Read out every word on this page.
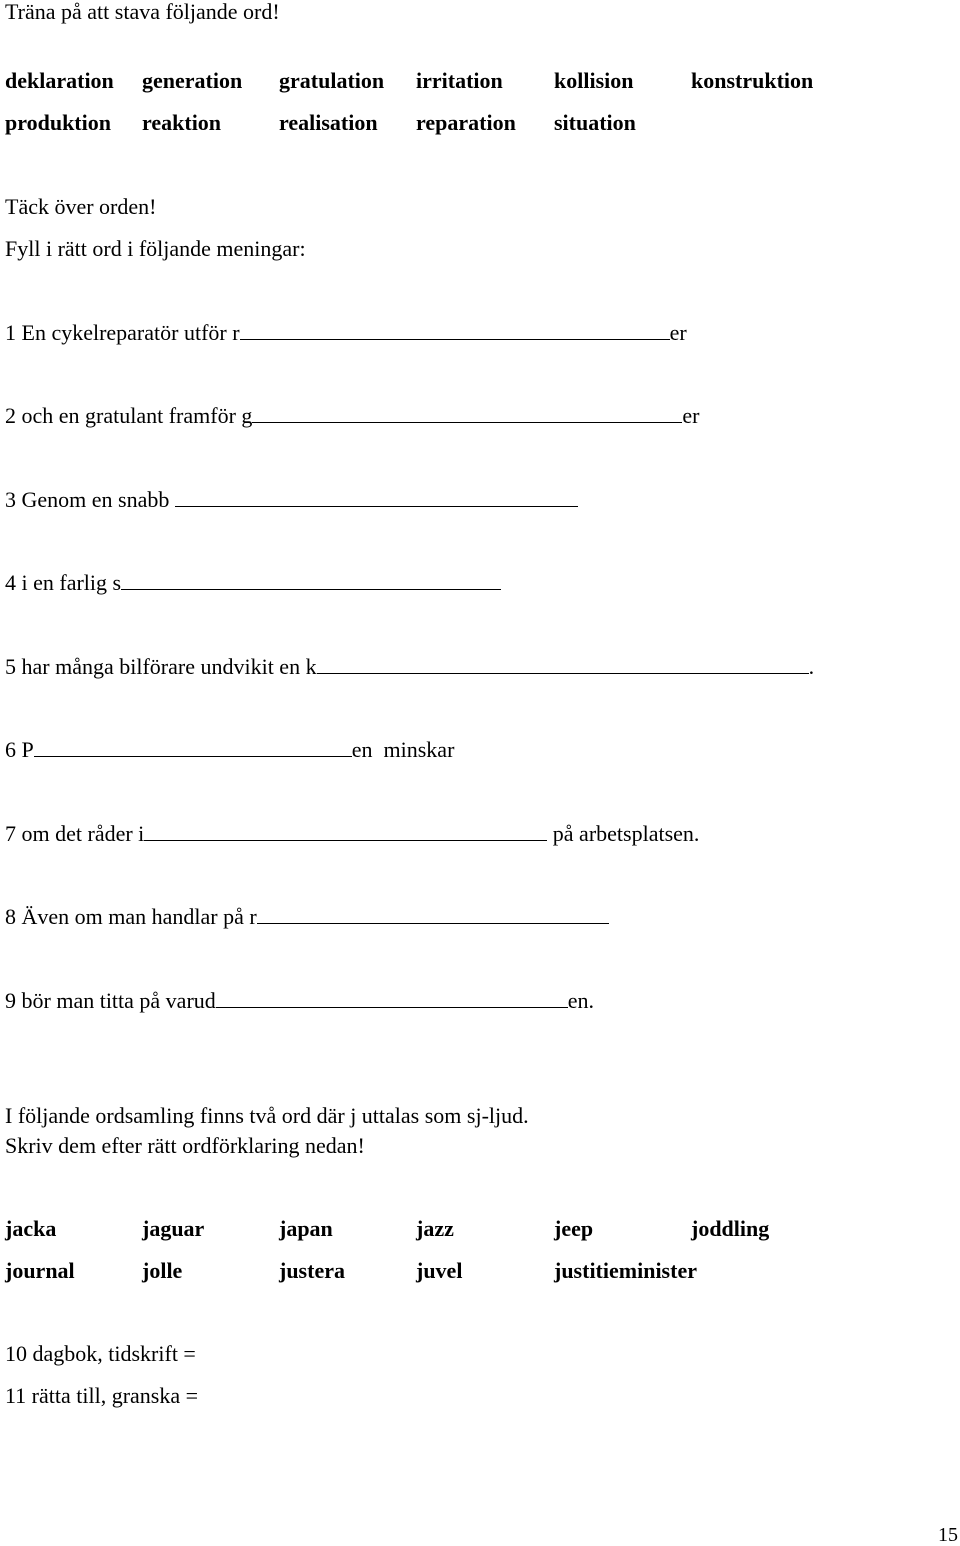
Träna på att stava följande ord!
deklaration generation gratulation irritation kollision	konstruktion
produktion reaktion	realisation reparation situation
Täck över orden!
Fyll i rätt ord i följande meningar:
1 En cykelreparatör utför r	er
2 och en gratulant framför g	er
3 Genom en snabb
4 i en farlig s
5 har många bilförare undvikit en k	.
6 P	en  minskar
7 om det råder i	på arbetsplatsen.
8 Även om man handlar på r
9 bör man titta på varud	en.
I följande ordsamling finns två ord där j uttalas som sj-ljud.
Skriv dem efter rätt ordförklaring nedan!
jacka	jaguar	japan	jazz	jeep	joddling
journal	jolle	justera	juvel	justitieminister
10 dagbok, tidskrift =
11 rätta till, granska =
15
